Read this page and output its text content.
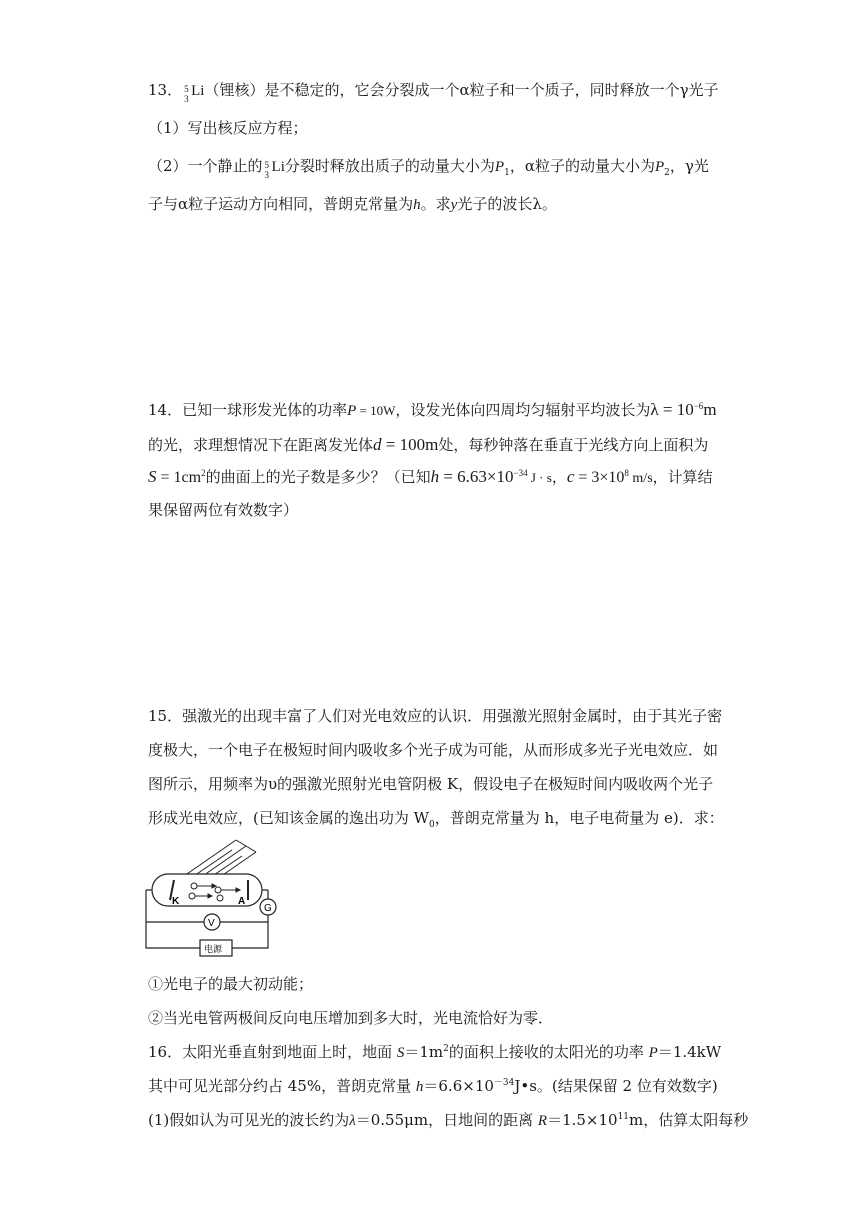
13． 5
3 Li（锂核）是不稳定的，它会分裂成一个α粒子和一个质子，同时释放一个γ光子
（1）写出核反应方程；
（2）一个静止的 5
3 Li分裂时释放出质子的动量大小为$P_1$，α粒子的动量大小为$P_2$，γ光
子与α粒子运动方向相同，普朗克常量为h。求y光子的波长λ。
14．已知一球形发光体的功率P = 10W，设发光体向四周均匀辐射平均波长为$\lambda = 10^{-6}m$
的光，求理想情况下在距离发光体d = 100m处，每秒钟落在垂直于光线方向上面积为
$S = 1cm^2$的曲面上的光子数是多少？（已知$h = 6.63\times 10^{-34}$ J · s，$c = 3\times 10^8$ m/s，计算结
果保留两位有效数字）
15．强激光的出现丰富了人们对光电效应的认识．用强激光照射金属时，由于其光子密
度极大，一个电子在极短时间内吸收多个光子成为可能，从而形成多光子光电效应．如
图所示，用频率为υ的强激光照射光电管阴极 K，假设电子在极短时间内吸收两个光子
形成光电效应，(已知该金属的逸出功为 $W_0$，普朗克常量为 h，电子电荷量为 e)．求：
K	A
G
V
电源
①光电子的最大初动能；
②当光电管两极间反向电压增加到多大时，光电流恰好为零．
16．太阳光垂直射到地面上时，地面 $S=1m^2$的面积上接收的太阳光的功率 P＝1.4kW
其中可见光部分约占 45%，普朗克常量 $h=6.6\times 10^{-34}J•s$。(结果保留 2 位有效数字)
(1)假如认为可见光的波长约为λ＝0.55μm，日地间的距离 $R=1.5\times 10^{11}m$，估算太阳每秒
